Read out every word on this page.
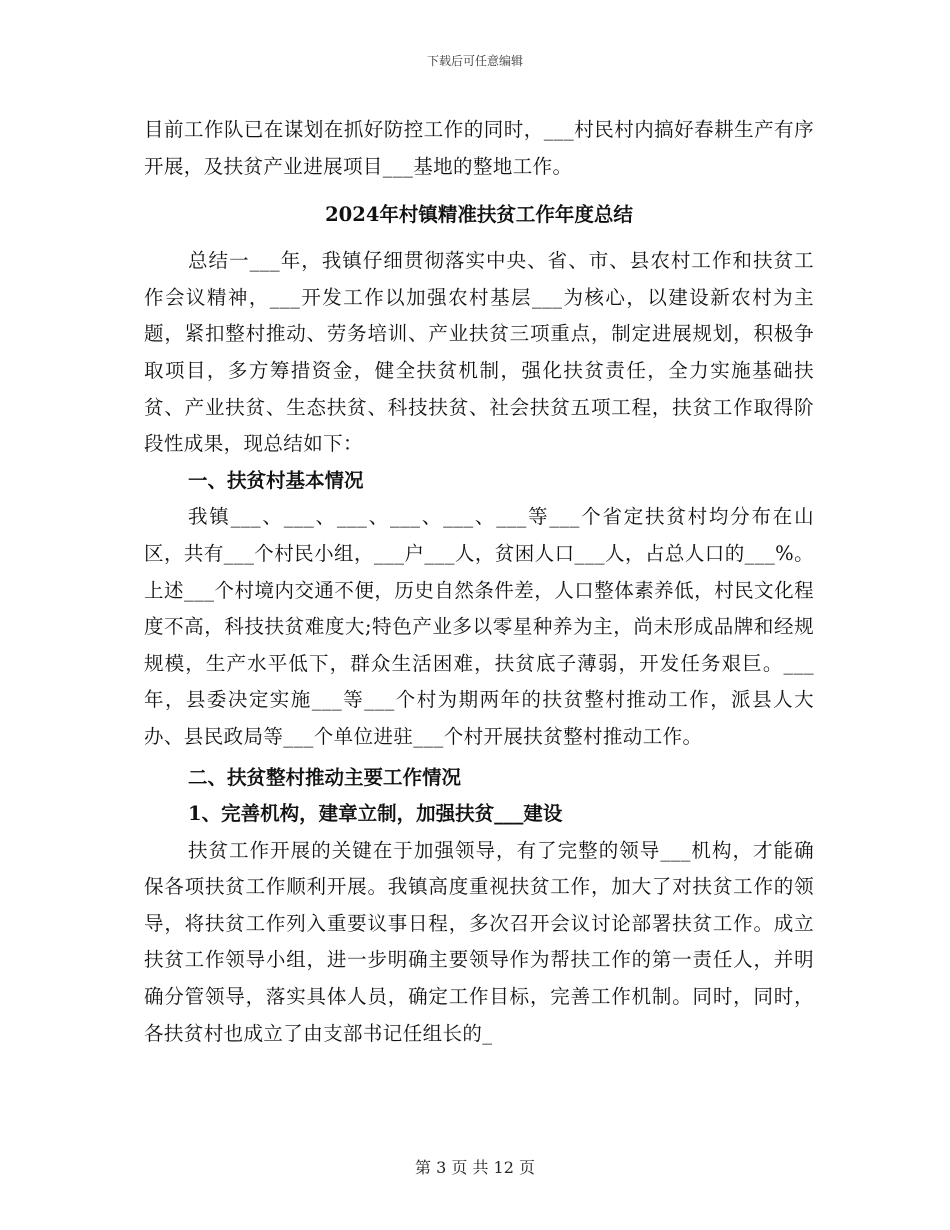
下载后可任意编辑

目前工作队已在谋划在抓好防控工作的同时，___村民村内搞好春耕生产有序开展，及扶贫产业进展项目___基地的整地工作。

2024年村镇精准扶贫工作年度总结

总结一___年，我镇仔细贯彻落实中央、省、市、县农村工作和扶贫工作会议精神，___开发工作以加强农村基层___为核心，以建设新农村为主题，紧扣整村推动、劳务培训、产业扶贫三项重点，制定进展规划，积极争取项目，多方筹措资金，健全扶贫机制，强化扶贫责任，全力实施基础扶贫、产业扶贫、生态扶贫、科技扶贫、社会扶贫五项工程，扶贫工作取得阶段性成果，现总结如下：

一、扶贫村基本情况

我镇___、___、___、___、___、___等___个省定扶贫村均分布在山区，共有___个村民小组，___户___人，贫困人口___人，占总人口的___%。上述___个村境内交通不便，历史自然条件差，人口整体素养低，村民文化程度不高，科技扶贫难度大;特色产业多以零星种养为主，尚未形成品牌和经规规模，生产水平低下，群众生活困难，扶贫底子薄弱，开发任务艰巨。___年，县委决定实施___等___个村为期两年的扶贫整村推动工作，派县人大办、县民政局等___个单位进驻___个村开展扶贫整村推动工作。

二、扶贫整村推动主要工作情况
1、完善机构，建章立制，加强扶贫___建设

扶贫工作开展的关键在于加强领导，有了完整的领导___机构，才能确保各项扶贫工作顺利开展。我镇高度重视扶贫工作，加大了对扶贫工作的领导，将扶贫工作列入重要议事日程，多次召开会议讨论部署扶贫工作。成立扶贫工作领导小组，进一步明确主要领导作为帮扶工作的第一责任人，并明确分管领导，落实具体人员，确定工作目标，完善工作机制。同时，同时，各扶贫村也成立了由支部书记任组长的_

第 3 页 共 12 页
